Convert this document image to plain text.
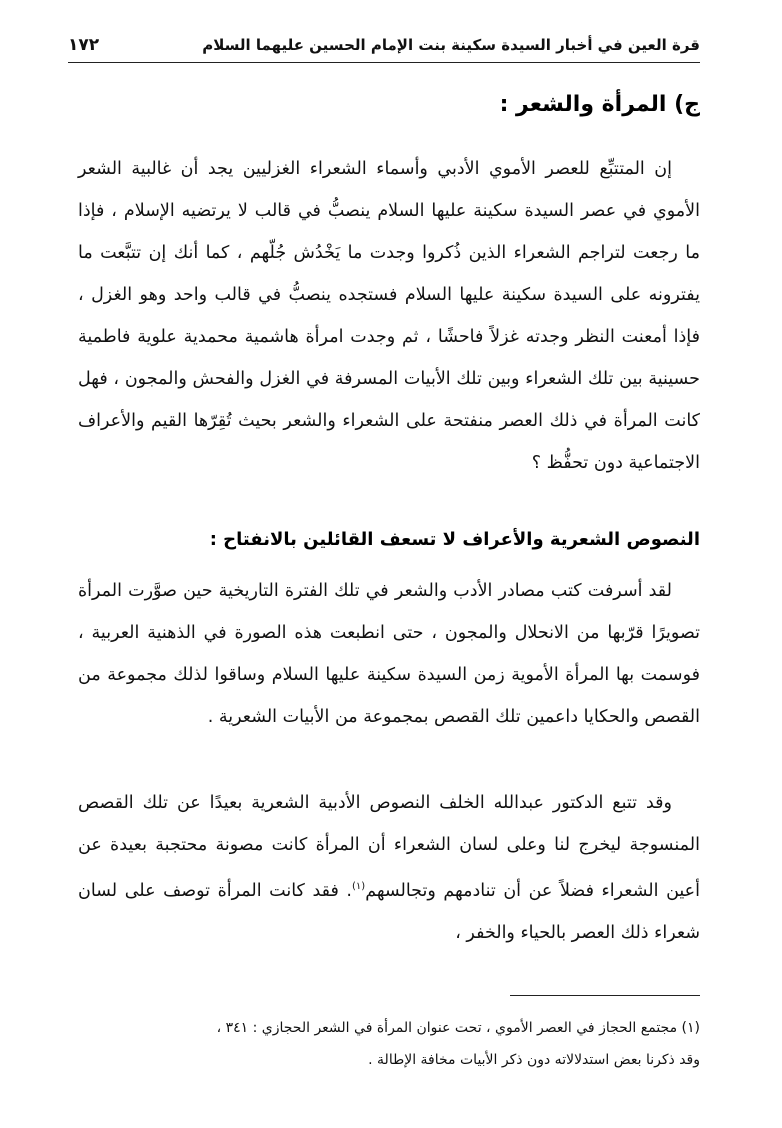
قرة العين في أخبار السيدة سكينة بنت الإمام الحسين عليهما السلام
١٧٢
ج) المرأة والشعر :

إن المتتبِّع للعصر الأموي الأدبي وأسماء الشعراء الغزليين يجد أن غالبية الشعر الأموي في عصر السيدة سكينة عليها السلام ينصبُّ في قالب لا يرتضيه الإسلام ، فإذا ما رجعت لتراجم الشعراء الذين ذُكروا وجدت ما يَخْدُش جُلّهم ، كما أنك إن تتبَّعت ما يفترونه على السيدة سكينة عليها السلام فستجده ينصبُّ في قالب واحد وهو الغزل ، فإذا أمعنت النظر وجدته غزلاً فاحشًا ، ثم وجدت امرأة هاشمية محمدية علوية فاطمية حسينية بين تلك الشعراء وبين تلك الأبيات المسرفة في الغزل والفحش والمجون ، فهل كانت المرأة في ذلك العصر منفتحة على الشعراء والشعر بحيث تُقِرّها القيم والأعراف الاجتماعية دون تحفُّظ ؟

النصوص الشعرية والأعراف لا تسعف القائلين بالانفتاح :

لقد أسرفت كتب مصادر الأدب والشعر في تلك الفترة التاريخية حين صوَّرت المرأة تصويرًا قرّبها من الانحلال والمجون ، حتى انطبعت هذه الصورة في الذهنية العربية ، فوسمت بها المرأة الأموية زمن السيدة سكينة عليها السلام وساقوا لذلك مجموعة من القصص والحكايا داعمين تلك القصص بمجموعة من الأبيات الشعرية .

وقد تتبع الدكتور عبدالله الخلف النصوص الأدبية الشعرية بعيدًا عن تلك القصص المنسوجة ليخرج لنا وعلى لسان الشعراء أن المرأة كانت مصونة محتجبة بعيدة عن أعين الشعراء فضلاً عن أن تنادمهم وتجالسهم$^{(١)}$. فقد كانت المرأة توصف على لسان شعراء ذلك العصر بالحياء والخفر ،

(١) مجتمع الحجاز في العصر الأموي ، تحت عنوان المرأة في الشعر الحجازي : ٣٤١ ،
وقد ذكرنا بعض استدلالاته دون ذكر الأبيات مخافة الإطالة .
